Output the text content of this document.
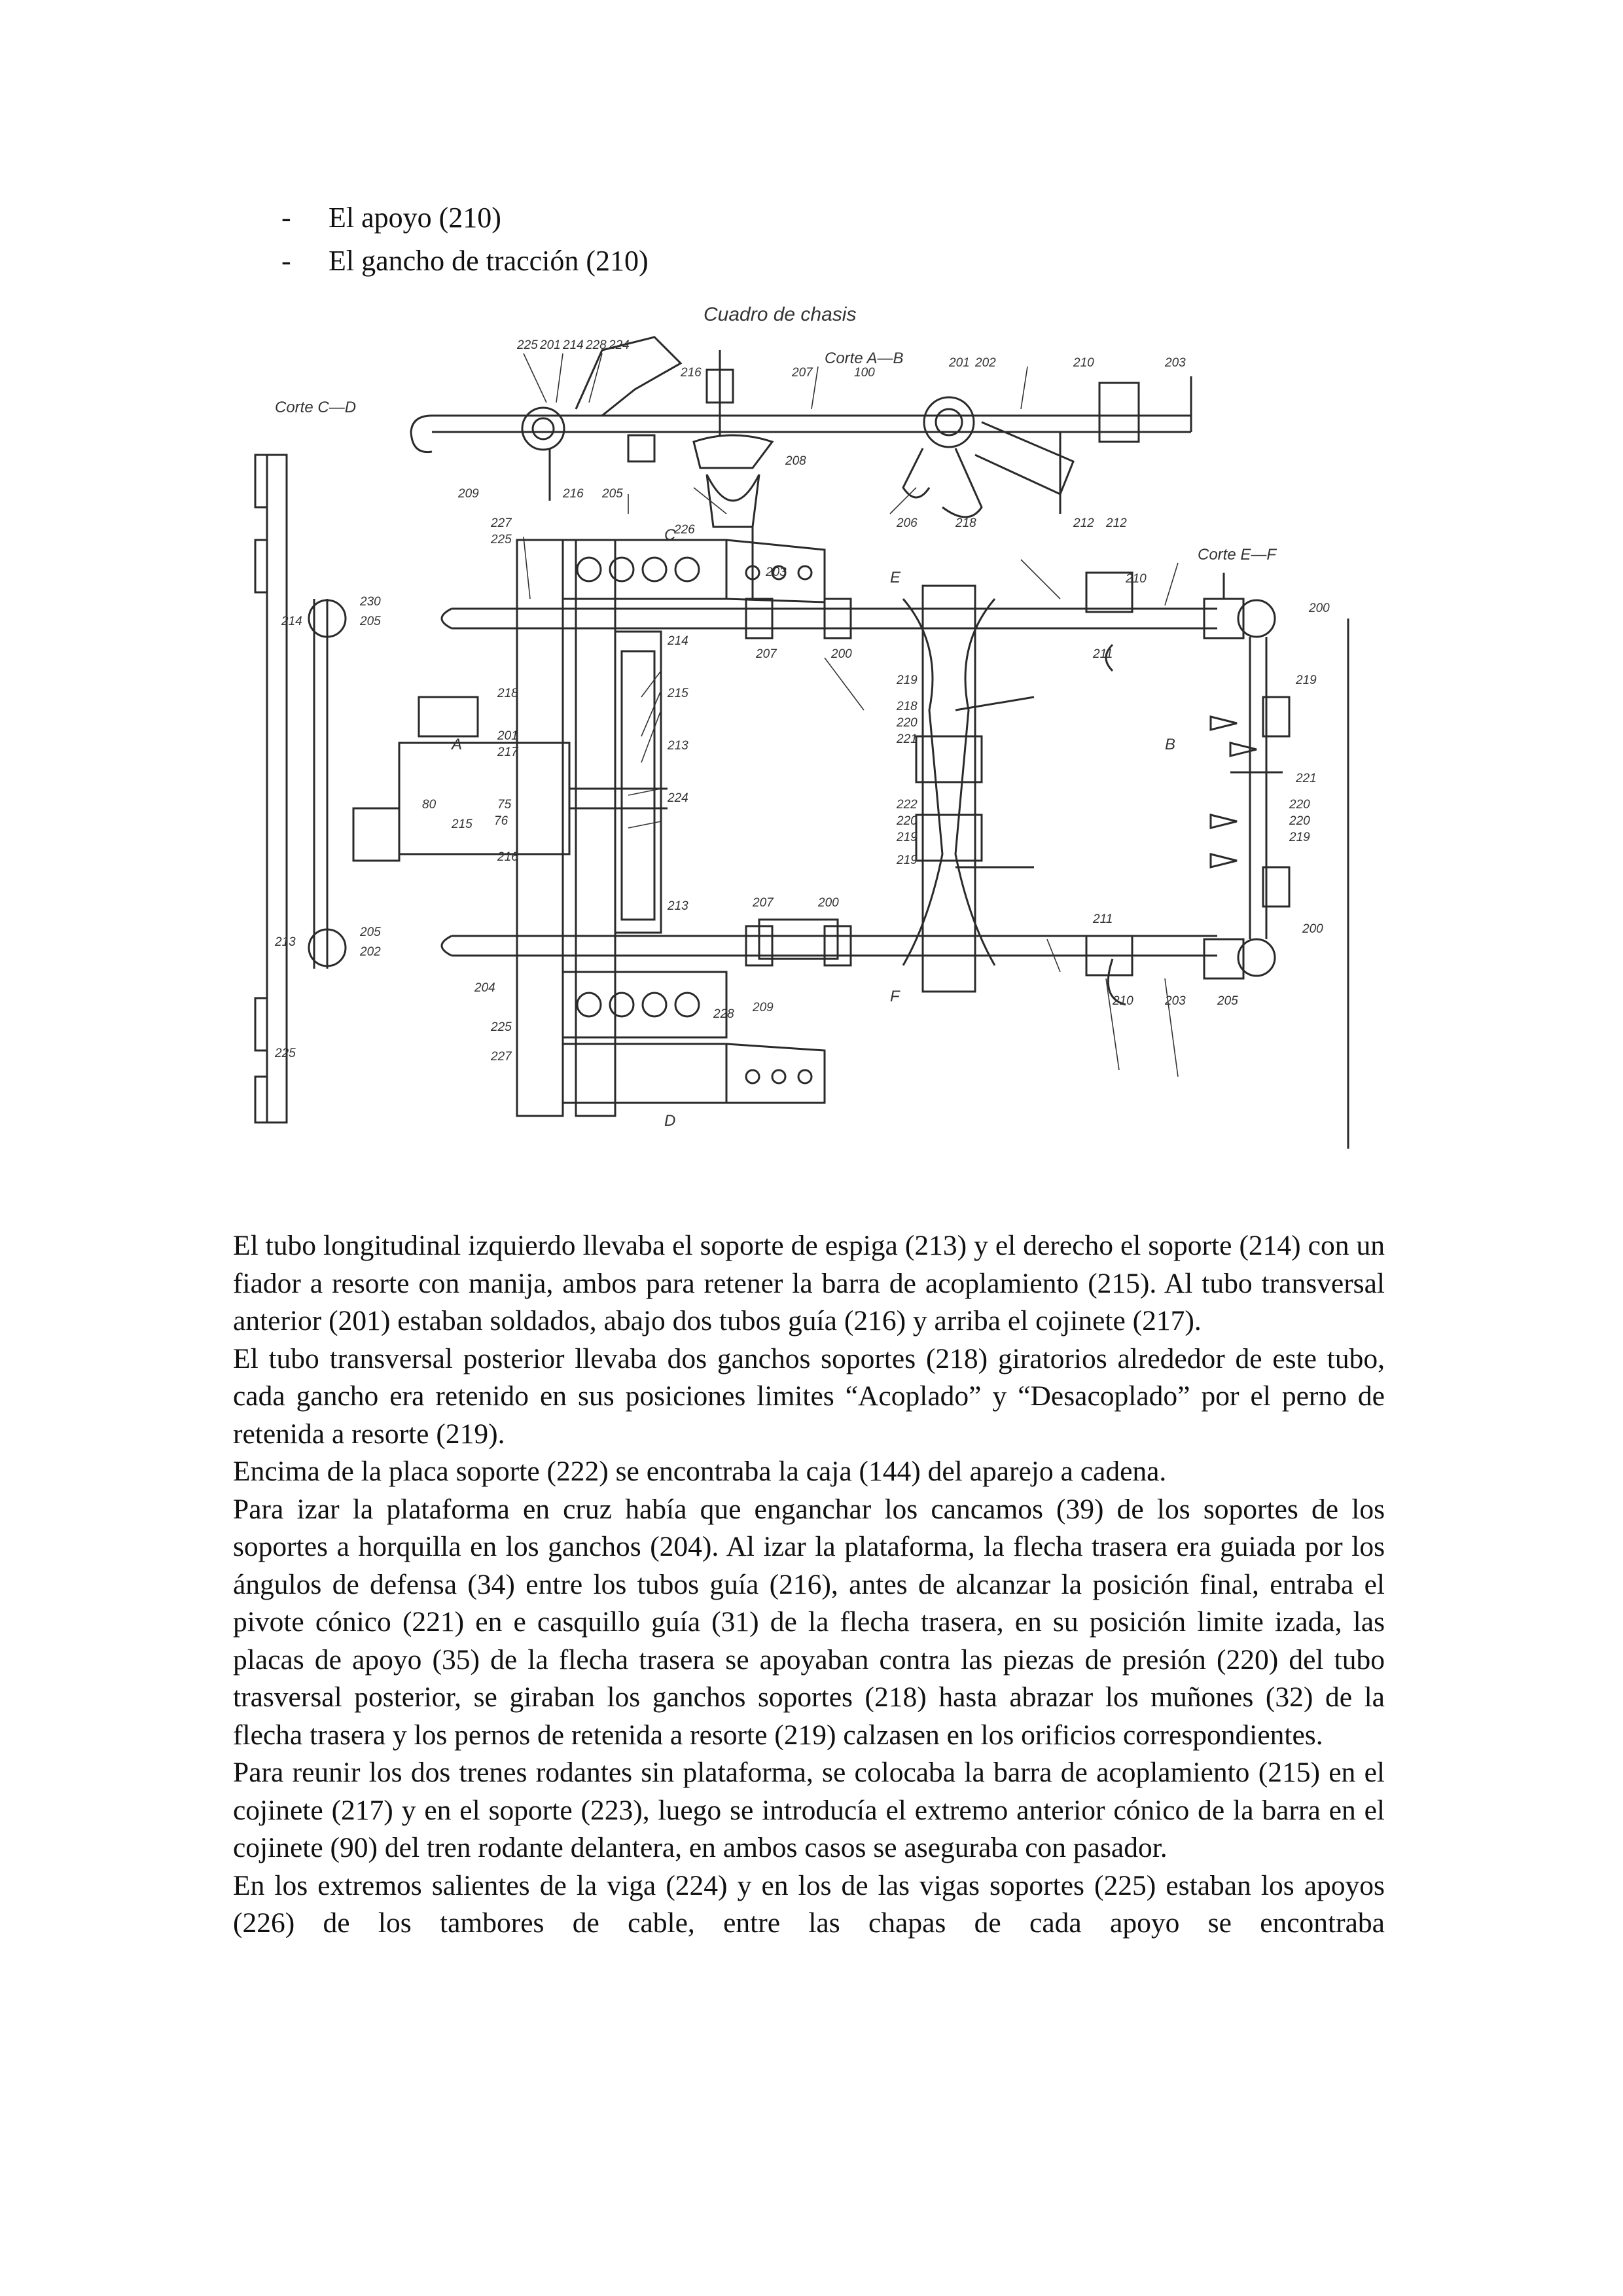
-	El apoyo (210)
-	El gancho de tracción (210)
Cuadro de chasis
Corte A—B
Corte C—D
Corte E—F
A	B
C
D
E
F
225 201 214 228 224
216	207	100
201 202	210	203
209	216 205
208
206	218	212 212
230
205
214
213
205
202
225
227
225
226
203
207	200
214
218	215
201
217	213
224
215 76
75
80
216
213	207	200
204
209
225
227
228
210
211
219
218
220
221
222
220
219
219
211
210	203	205
200
219
221
220
220
219
200

El tubo longitudinal izquierdo llevaba el soporte de espiga (213) y el derecho el soporte (214) con un fiador a resorte con manija, ambos para retener la barra de acoplamiento (215). Al tubo transversal anterior (201) estaban soldados, abajo dos tubos guía (216) y arriba el cojinete (217).

El tubo transversal posterior llevaba dos ganchos soportes (218) giratorios alrededor de este tubo, cada gancho era retenido en sus posiciones limites “Acoplado” y “Desacoplado” por el perno de retenida a resorte (219).

Encima de la placa soporte (222) se encontraba la caja (144) del aparejo a cadena.

Para izar la plataforma en cruz había que enganchar los cancamos (39) de los soportes de los soportes a horquilla en los ganchos (204). Al izar la plataforma, la flecha trasera era guiada por los ángulos de defensa (34) entre los tubos guía (216), antes de alcanzar la posición final, entraba el pivote cónico (221) en e casquillo guía (31) de la flecha trasera, en su posición limite izada, las placas de apoyo (35) de la flecha trasera se apoyaban contra las piezas de presión (220) del tubo trasversal posterior, se giraban los ganchos soportes (218) hasta abrazar los muñones (32) de la flecha trasera y los pernos de retenida a resorte (219) calzasen en los orificios correspondientes.

Para reunir los dos trenes rodantes sin plataforma, se colocaba la barra de acoplamiento (215) en el cojinete (217) y en el soporte (223), luego se introducía el extremo anterior cónico de la barra en el cojinete (90) del tren rodante delantera, en ambos casos se aseguraba con pasador.

En los extremos salientes de la viga (224) y en los de las vigas soportes (225) estaban los apoyos (226) de los tambores de cable, entre las chapas de cada apoyo se encontraba
